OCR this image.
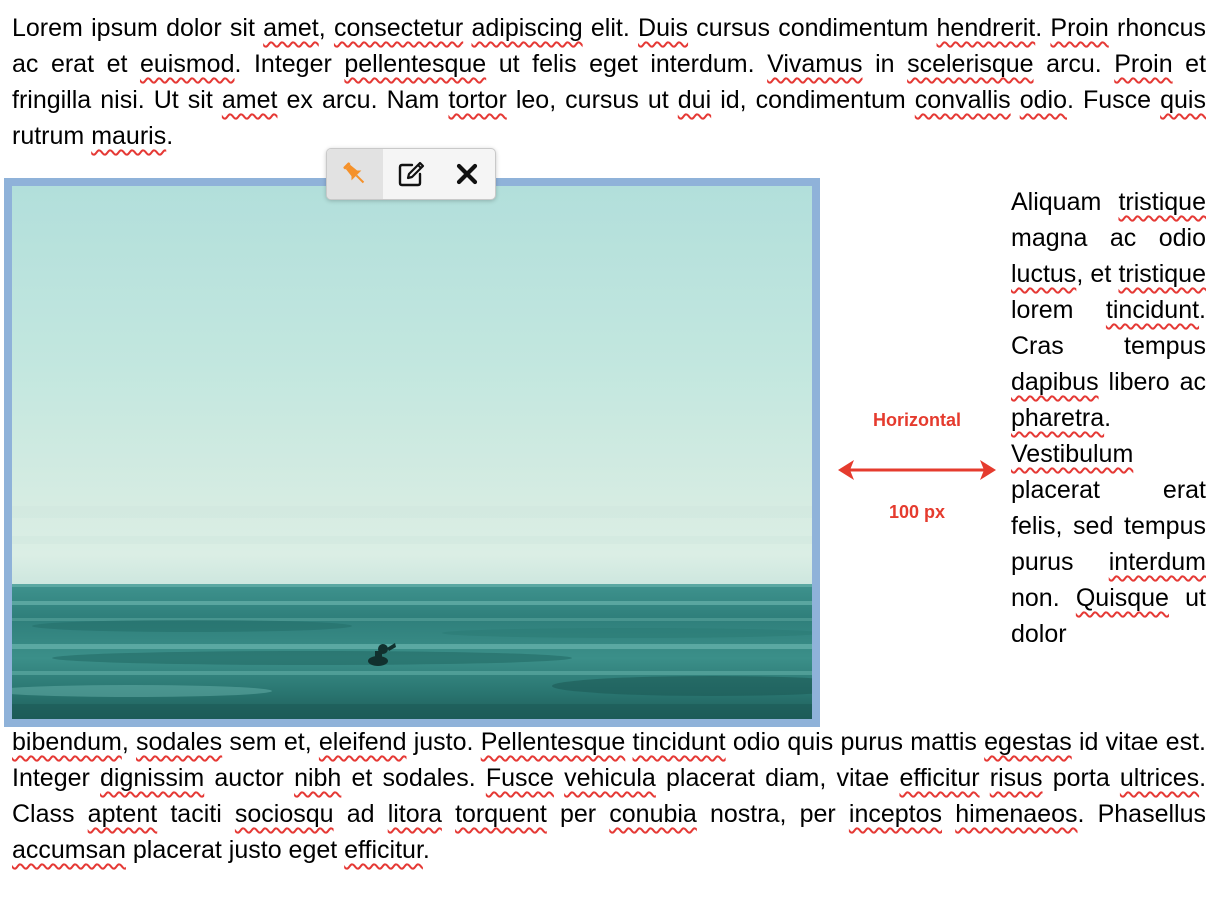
Lorem ipsum dolor sit amet, consectetur adipiscing elit. Duis cursus condimentum hendrerit. Proin rhoncus ac erat et euismod. Integer pellentesque ut felis eget interdum. Vivamus in scelerisque arcu. Proin et fringilla nisi. Ut sit amet ex arcu. Nam tortor leo, cursus ut dui id, condimentum convallis odio. Fusce quis rutrum mauris.

Horizontal
100 px

Aliquam tristique magna ac odio luctus, et tristique lorem tincidunt. Cras tempus dapibus libero ac pharetra. Vestibulum placerat erat felis, sed tempus purus interdum non. Quisque ut dolor

bibendum, sodales sem et, eleifend justo. Pellentesque tincidunt odio quis purus mattis egestas id vitae est. Integer dignissim auctor nibh et sodales. Fusce vehicula placerat diam, vitae efficitur risus porta ultrices. Class aptent taciti sociosqu ad litora torquent per conubia nostra, per inceptos himenaeos. Phasellus accumsan placerat justo eget efficitur.
